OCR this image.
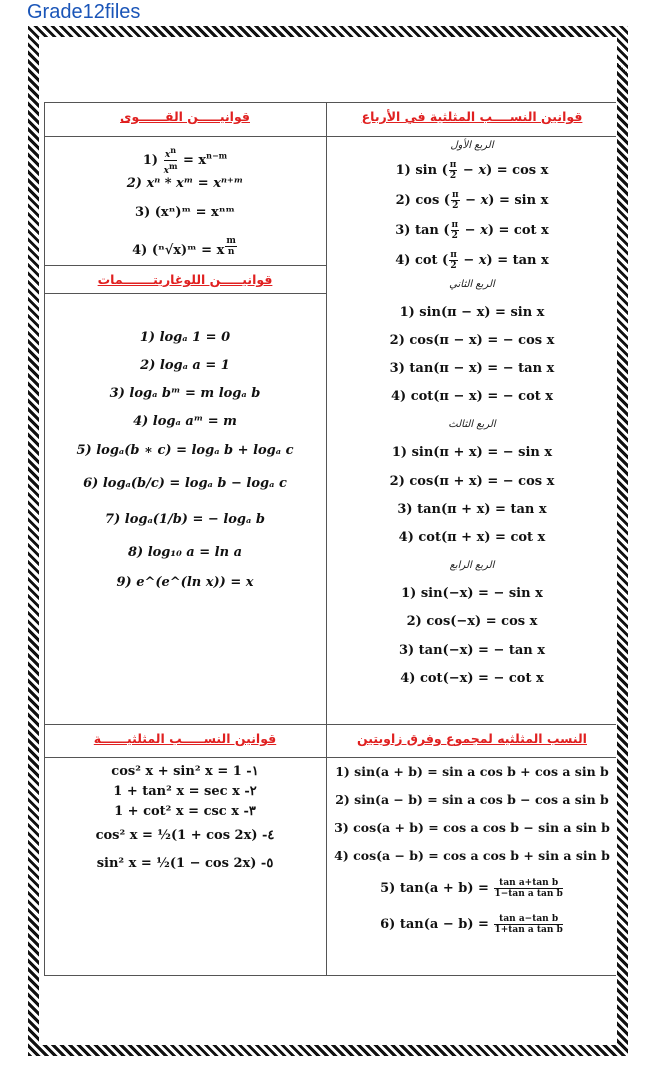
Grade12files
قوانين النســــب المثلثية في الأرباع
قوانيـــــن القــــــوى
قوانيـــــن اللوغاريتـــــــمات
النسب المثلثيه لمجموع وفرق زاويتين
قوانين النســـــب المثلثيــــــة
الربع الأول
الربع الثاني
الربع الثالث
الربع الرابع
1) sin ( $\frac{\pi}{2} - x) = \cos x$
2) cos ( $\frac{\pi}{2} - x) = \sin x$
3) tan ( $\frac{\pi}{2} - x) = \cot x$
4) cot ( $\frac{\pi}{2} - x) = \tan x$
1) sin(π − x) = sin x
2) cos(π − x) = − cos x
3) tan(π − x) = − tan x
4) cot(π − x) = − cot x
1) sin(π + x) = − sin x
2) cos(π + x) = − cos x
3) tan(π + x) = tan x
4) cot(π + x) = cot x
1) sin(−x) = − sin x
2) cos(−x) = cos x
3) tan(−x) = − tan x
4) cot(−x) = − cot x
$1) \frac{x^n}{x^m} = x^{n-m}$
2) xⁿ * xᵐ = xⁿ⁺ᵐ
3) (xⁿ)ᵐ = xⁿᵐ
4) (ⁿ√x)ᵐ = x $^{\frac{m}{n}}$
1) logₐ 1 = 0
2) logₐ a = 1
3) logₐ bᵐ = m logₐ b
4) logₐ aᵐ = m
5) logₐ(b ∗ c) = logₐ b + logₐ c
6) logₐ(b/c) = logₐ b − logₐ c
7) logₐ(1/b) = − logₐ b
8) log₁₀ a = ln a
9) e^(e^(ln x)) = x
cos² x + sin² x = 1 -١
1 + tan² x = sec x -٢
1 + cot² x = csc x -٣
cos² x = ½(1 + cos 2x) -٤
sin² x = ½(1 − cos 2x) -٥
1) sin(a + b) = sin a cos b + cos a sin b
2) sin(a − b) = sin a cos b − cos a sin b
3) cos(a + b) = cos a cos b − sin a sin b
4) cos(a − b) = cos a cos b + sin a sin b
5) $\tan(a + b) = \frac{\text{tan a+tan b}}{\text{1−tan a tan b}}$
6) $\tan(a - b) = \frac{\text{tan a−tan b}}{\text{1+tan a tan b}}$
